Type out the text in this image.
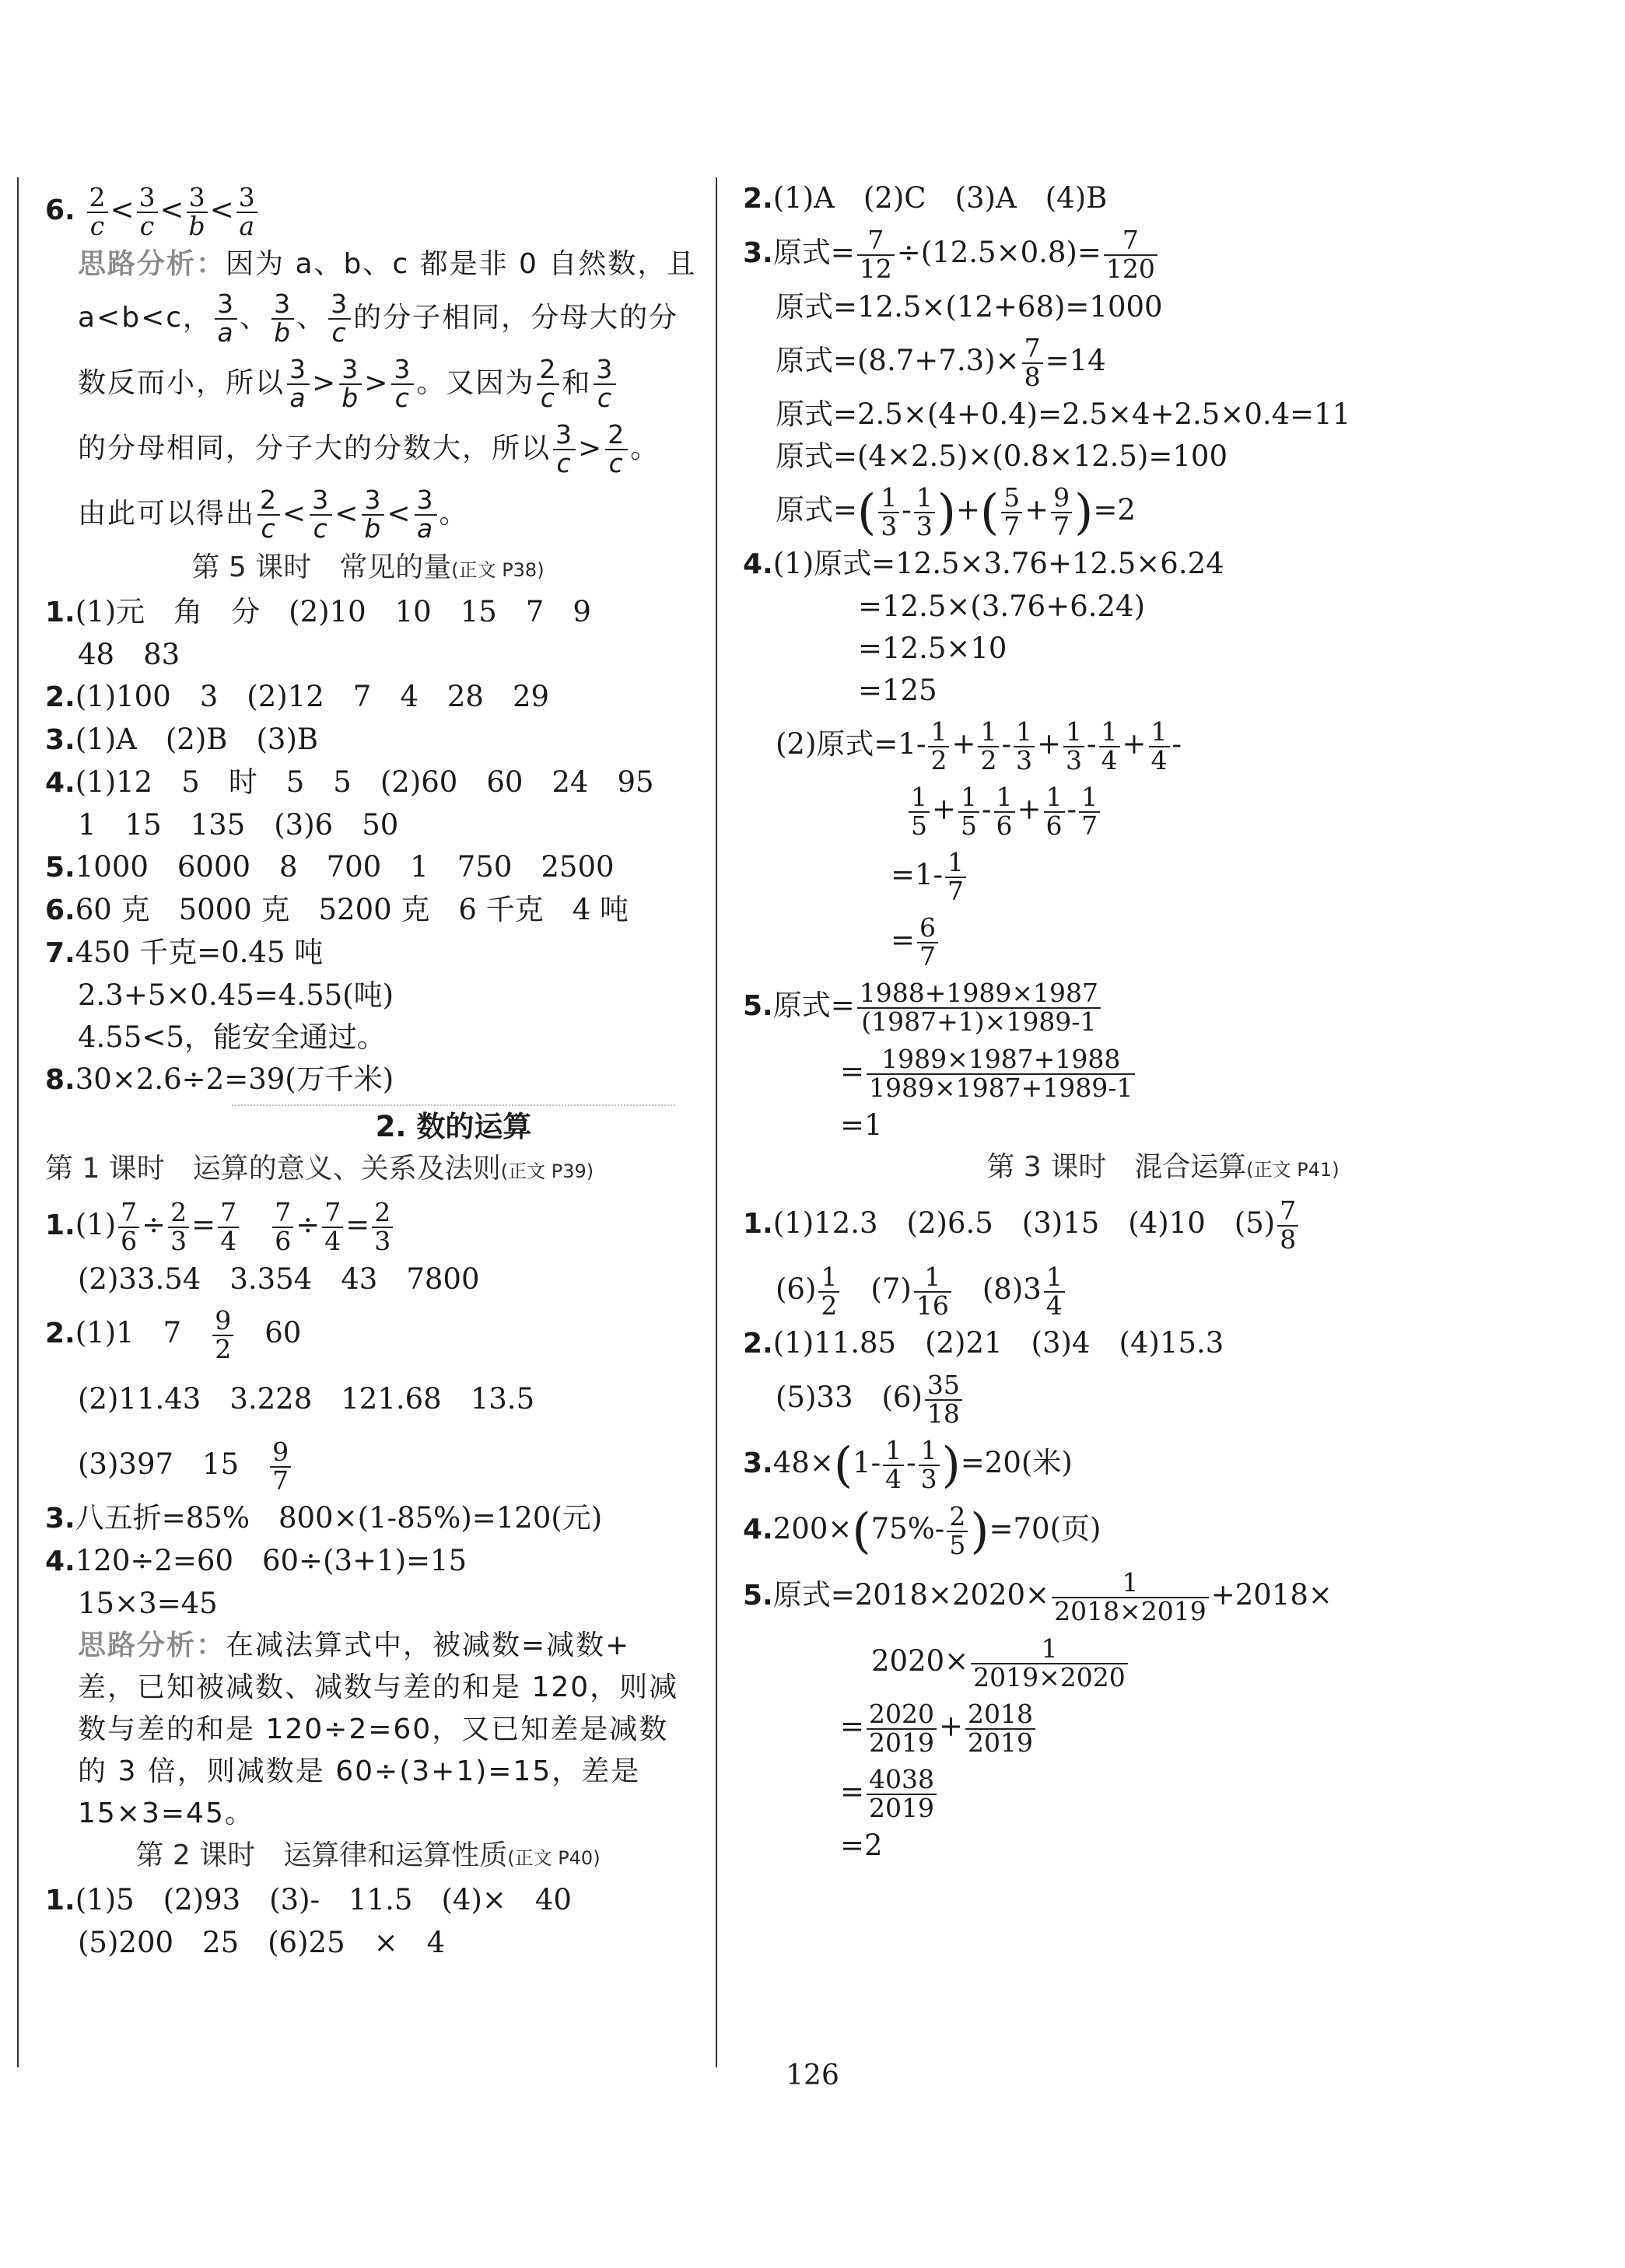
6. $\frac{2}{c} < \frac{3}{c} < \frac{3}{b} < \frac{3}{a}$
思路分析：因为 a、b、c 都是非 0 自然数，且
a<b<c， $\frac{3}{a}$ 、 $\frac{3}{b}$ 、 $\frac{3}{c}$ 的分子相同，分母大的分
数反而小，所以 $\frac{3}{a} > \frac{3}{b} > \frac{3}{c}$ 。又因为 $\frac{2}{c}$ 和 $\frac{3}{c}$
的分母相同，分子大的分数大，所以 $\frac{3}{c} > \frac{2}{c}$ 。
由此可以得出 $\frac{2}{c} < \frac{3}{c} < \frac{3}{b} < \frac{3}{a}$ 。
第 5 课时　常见的量(正文 P38)
1.(1)元　角　分　(2)10　10　15　7　9
48　83
2.(1)100　3　(2)12　7　4　28　29
3.(1)A　(2)B　(3)B
4.(1)12　5　时　5　5　(2)60　60　24　95
1　15　135　(3)6　50
5.1000　6000　8　700　1　750　2500
6.60 克　5000 克　5200 克　6 千克　4 吨
7.450 千克=0.45 吨
2.3+5×0.45=4.55(吨)
4.55<5，能安全通过。
8.30×2.6÷2=39(万千米)
2. 数的运算
第 1 课时　运算的意义、关系及法则(正文 P39)
$1.(1) \frac{7}{6} \div \frac{2}{3} = \frac{7}{4}$
　 $\frac{7}{6} \div \frac{7}{4} = \frac{2}{3}$
(2)33.54　3.354　43　7800
2.(1)1　7　 $\frac{9}{2}$
　 60
(2)11.43　3.228　121.68　13.5
(3)397　15　 $\frac{9}{7}$
3.八五折=85%　800×(1-85%)=120(元)
4.120÷2=60　60÷(3+1)=15
15×3=45
思路分析：在减法算式中，被减数=减数+
差，已知被减数、减数与差的和是 120，则减
数与差的和是 120÷2=60，又已知差是减数
的 3 倍，则减数是 60÷(3+1)=15，差是
15×3=45。
第 2 课时　运算律和运算性质(正文 P40)
1.(1)5　(2)93　(3)-　11.5　(4)×　40
(5)200　25　(6)25　×　4
2.(1)A　(2)C　(3)A　(4)B
3.原式= $\frac{7}{12} \div(12.5\times 0.8)= \frac{7}{120}$
原式=12.5×(12+68)=1000
原式$=(8.7+7.3)\times \frac{7}{8} =14$
原式=2.5×(4+0.4)=2.5×4+2.5×0.4=11
原式=(4×2.5)×(0.8×12.5)=100
原式=( $\frac{1}{3} - \frac{1}{3}$ )+( $\frac{5}{7} + \frac{9}{7} )=2$
4.(1)原式=12.5×3.76+12.5×6.24
=12.5×(3.76+6.24)
=12.5×10
=125
(2)原式$=1- \frac{1}{2} + \frac{1}{2} - \frac{1}{3} + \frac{1}{3} - \frac{1}{4} + \frac{1}{4}$ -
$\frac{1}{5} + \frac{1}{5} - \frac{1}{6} + \frac{1}{6} - \frac{1}{7}$
$=1- \frac{1}{7}$
= $\frac{6}{7}$
5.原式= $\frac{1988+1989\times 1987}{(1987+1)\times 1989-1}$
= $\frac{1989\times 1987+1988}{1989\times 1987+1989-1}$
=1
第 3 课时　混合运算(正文 P41)
1.(1)12.3　(2)6.5　(3)15　(4)10　$(5) \frac{7}{8}$
$(6) \frac{1}{2}$
　 $(7) \frac{1}{16}$
　 $(8)3 \frac{1}{4}$
2.(1)11.85　(2)21　(3)4　(4)15.3
(5)33　$(6) \frac{35}{18}$
$3.48\times(1- \frac{1}{4} - \frac{1}{3} )=20$(米)
$4.200\times(75\%- \frac{2}{5} )=70$(页)
5.原式$=2018\times 2020\times \frac{1}{2018\times 2019} +2018\times$
$2020\times \frac{1}{2019\times 2020}$
= $\frac{2020}{2019} + \frac{2018}{2019}$
= $\frac{4038}{2019}$
=2
126
